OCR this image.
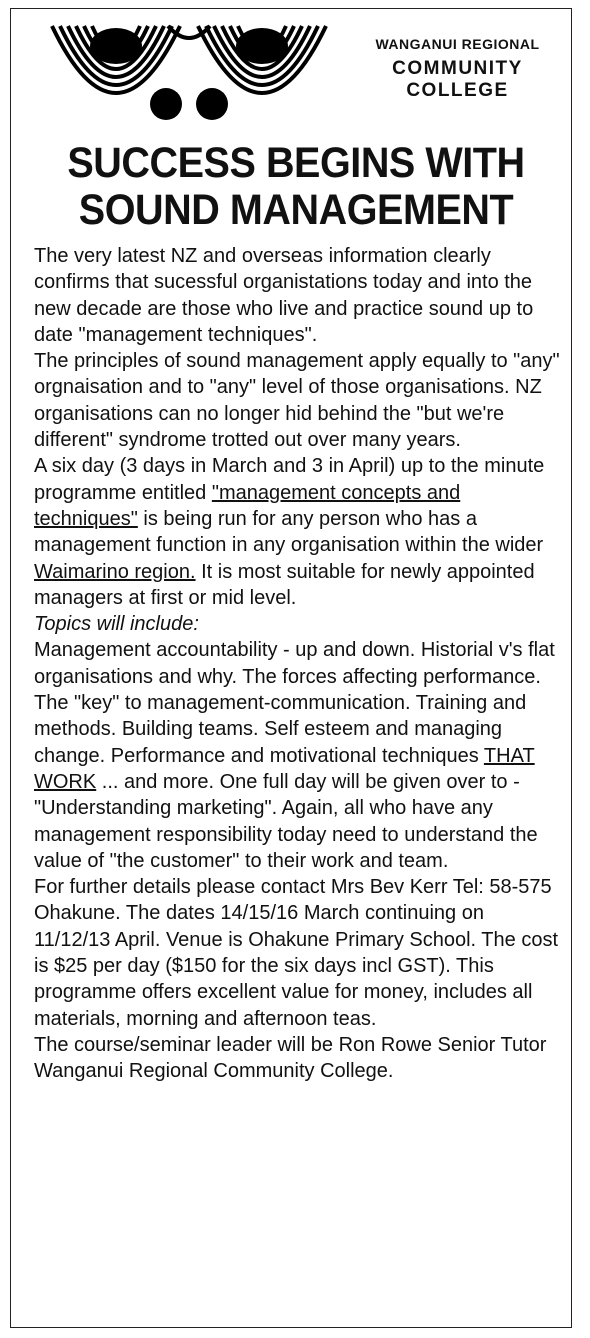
WANGANUI REGIONAL
COMMUNITY
COLLEGE
SUCCESS BEGINS WITH
SOUND MANAGEMENT

The very latest NZ and overseas information clearly confirms that sucessful organistations today and into the new decade are those who live and practice sound up to date "management techniques".

The principles of sound management apply equally to "any" orgnaisation and to "any" level of those organisations. NZ organisations can no longer hid behind the "but we're different" syndrome trotted out over many years.

A six day (3 days in March and 3 in April) up to the minute programme entitled "management concepts and techniques" is being run for any person who has a management function in any organisation within the wider Waimarino region. It is most suitable for newly appointed managers at first or mid level.

Topics will include:

Management accountability - up and down. Historial v's flat organisations and why. The forces affecting performance. The "key" to management-communication. Training and methods. Building teams. Self esteem and managing change. Performance and motivational techniques THAT WORK ... and more. One full day will be given over to - "Understanding marketing". Again, all who have any management responsibility today need to understand the value of "the customer" to their work and team.

For further details please contact Mrs Bev Kerr Tel: 58-575 Ohakune. The dates 14/15/16 March continuing on 11/12/13 April. Venue is Ohakune Primary School. The cost is $25 per day ($150 for the six days incl GST). This programme offers excellent value for money, includes all materials, morning and afternoon teas.

The course/seminar leader will be Ron Rowe Senior Tutor Wanganui Regional Community College.
